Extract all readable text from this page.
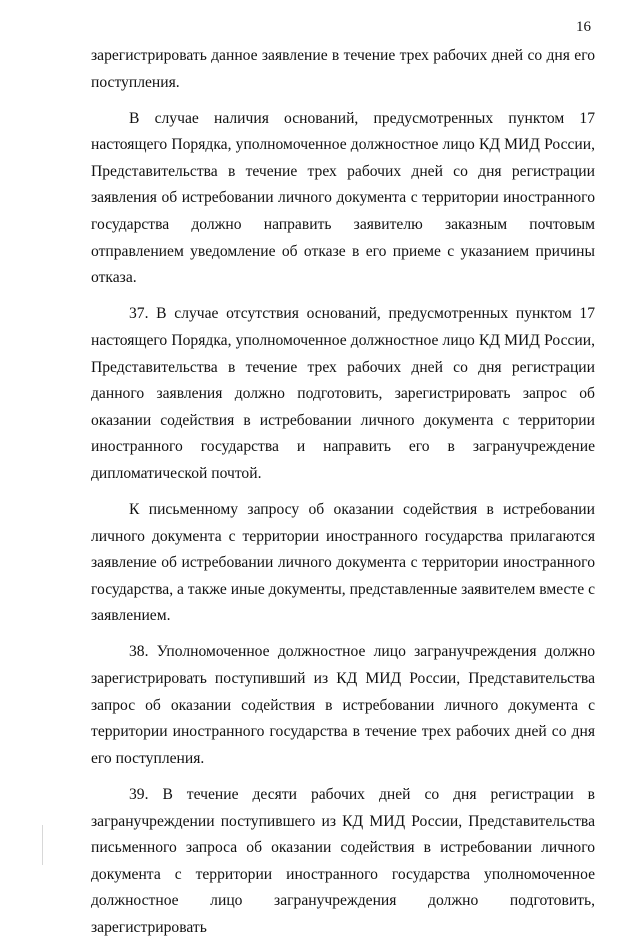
16

зарегистрировать данное заявление в течение трех рабочих дней со дня его поступления.

В случае наличия оснований, предусмотренных пунктом 17 настоящего Порядка, уполномоченное должностное лицо КД МИД России, Представительства в течение трех рабочих дней со дня регистрации заявления об истребовании личного документа с территории иностранного государства должно направить заявителю заказным почтовым отправлением уведомление об отказе в его приеме с указанием причины отказа.

37. В случае отсутствия оснований, предусмотренных пунктом 17 настоящего Порядка, уполномоченное должностное лицо КД МИД России, Представительства в течение трех рабочих дней со дня регистрации данного заявления должно подготовить, зарегистрировать запрос об оказании содействия в истребовании личного документа с территории иностранного государства и направить его в загранучреждение дипломатической почтой.

К письменному запросу об оказании содействия в истребовании личного документа с территории иностранного государства прилагаются заявление об истребовании личного документа с территории иностранного государства, а также иные документы, представленные заявителем вместе с заявлением.

38. Уполномоченное должностное лицо загранучреждения должно зарегистрировать поступивший из КД МИД России, Представительства запрос об оказании содействия в истребовании личного документа с территории иностранного государства в течение трех рабочих дней со дня его поступления.

39. В течение десяти рабочих дней со дня регистрации в загранучреждении поступившего из КД МИД России, Представительства письменного запроса об оказании содействия в истребовании личного документа с территории иностранного государства уполномоченное должностное лицо загранучреждения должно подготовить, зарегистрировать
